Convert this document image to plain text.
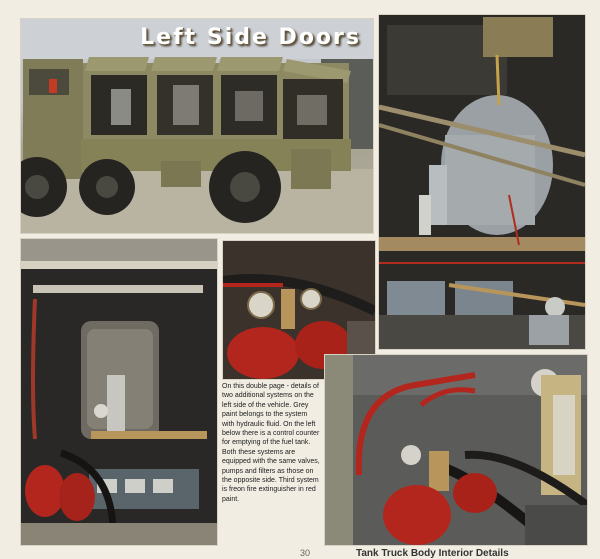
Left Side Doors

On this double page - details of two additional systems on the left side of the vehicle. Grey paint belongs to the system with hydraulic fluid. On the left below there is a control counter for emptying of the fuel tank. Both these systems are equipped with the same valves, pumps and filters as those on the opposite side. Third system is freon fire extinguisher in red paint.

30	Tank Truck Body Interior Details
